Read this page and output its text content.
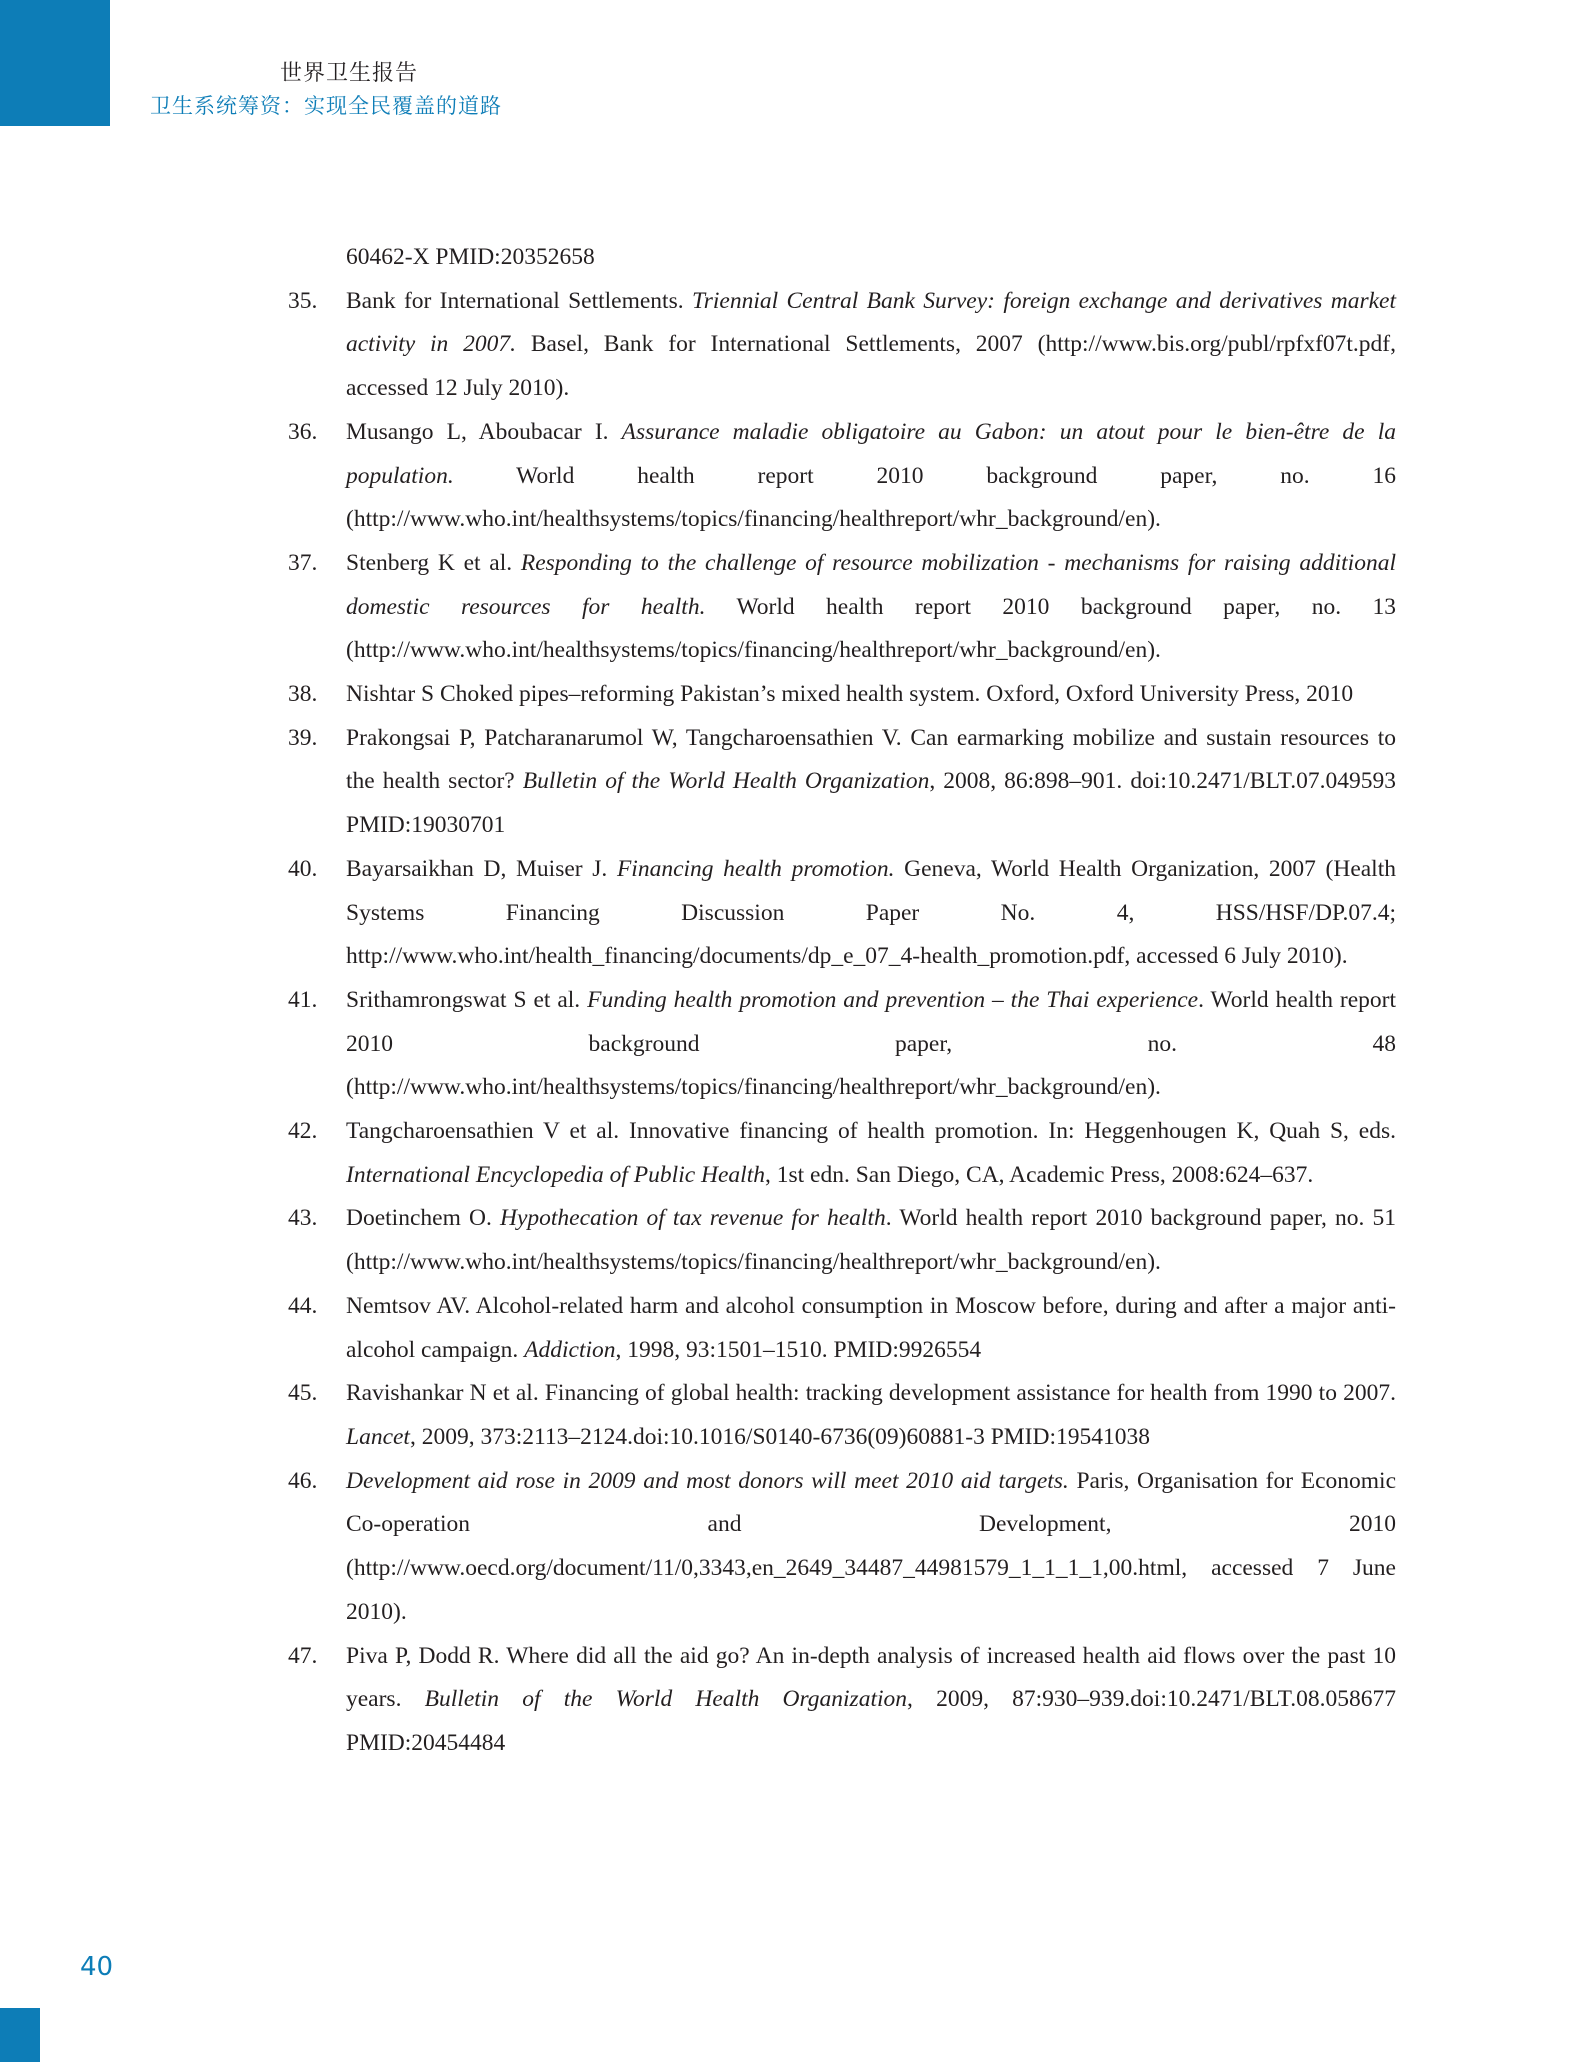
世界卫生报告
卫生系统筹资：实现全民覆盖的道路
60462-X PMID:20352658
35.	Bank for International Settlements. Triennial Central Bank Survey: foreign exchange and derivatives market activity in 2007. Basel, Bank for International Settlements, 2007 (http://www.bis.org/publ/rpfxf07t.pdf, accessed 12 July 2010).
36.	Musango L, Aboubacar I. Assurance maladie obligatoire au Gabon: un atout pour le bien-être de la population. World health report 2010 background paper, no. 16 (http://www.who.int/healthsystems/topics/financing/healthreport/whr_background/en).
37.	Stenberg K et al. Responding to the challenge of resource mobilization - mechanisms for raising additional domestic resources for health. World health report 2010 background paper, no. 13 (http://www.who.int/healthsystems/topics/financing/healthreport/whr_background/en).
38.	Nishtar S Choked pipes–reforming Pakistan’s mixed health system. Oxford, Oxford University Press, 2010
39.	Prakongsai P, Patcharanarumol W, Tangcharoensathien V. Can earmarking mobilize and sustain resources to the health sector? Bulletin of the World Health Organization, 2008, 86:898–901. doi:10.2471/BLT.07.049593 PMID:19030701
40.	Bayarsaikhan D, Muiser J. Financing health promotion. Geneva, World Health Organization, 2007 (Health Systems Financing Discussion Paper No. 4, HSS/HSF/DP.07.4; http://www.who.int/health_financing/documents/dp_e_07_4-health_promotion.pdf, accessed 6 July 2010).
41.	Srithamrongswat S et al. Funding health promotion and prevention – the Thai experience. World health report 2010 background paper, no. 48 (http://www.who.int/healthsystems/topics/financing/healthreport/whr_background/en).
42.	Tangcharoensathien V et al. Innovative financing of health promotion. In: Heggenhougen K, Quah S, eds. International Encyclopedia of Public Health, 1st edn. San Diego, CA, Academic Press, 2008:624–637.
43.	Doetinchem O. Hypothecation of tax revenue for health. World health report 2010 background paper, no. 51 (http://www.who.int/healthsystems/topics/financing/healthreport/whr_background/en).
44.	Nemtsov AV. Alcohol-related harm and alcohol consumption in Moscow before, during and after a major anti-alcohol campaign. Addiction, 1998, 93:1501–1510. PMID:9926554
45.	Ravishankar N et al. Financing of global health: tracking development assistance for health from 1990 to 2007. Lancet, 2009, 373:2113–2124.doi:10.1016/S0140-6736(09)60881-3 PMID:19541038
46.	Development aid rose in 2009 and most donors will meet 2010 aid targets. Paris, Organisation for Economic Co-operation and Development, 2010 (http://www.oecd.org/document/11/0,3343,en_2649_34487_44981579_1_1_1_1,00.html, accessed 7 June 2010).
47.	Piva P, Dodd R. Where did all the aid go? An in-depth analysis of increased health aid flows over the past 10 years. Bulletin of the World Health Organization, 2009, 87:930–939.doi:10.2471/BLT.08.058677 PMID:20454484
40
